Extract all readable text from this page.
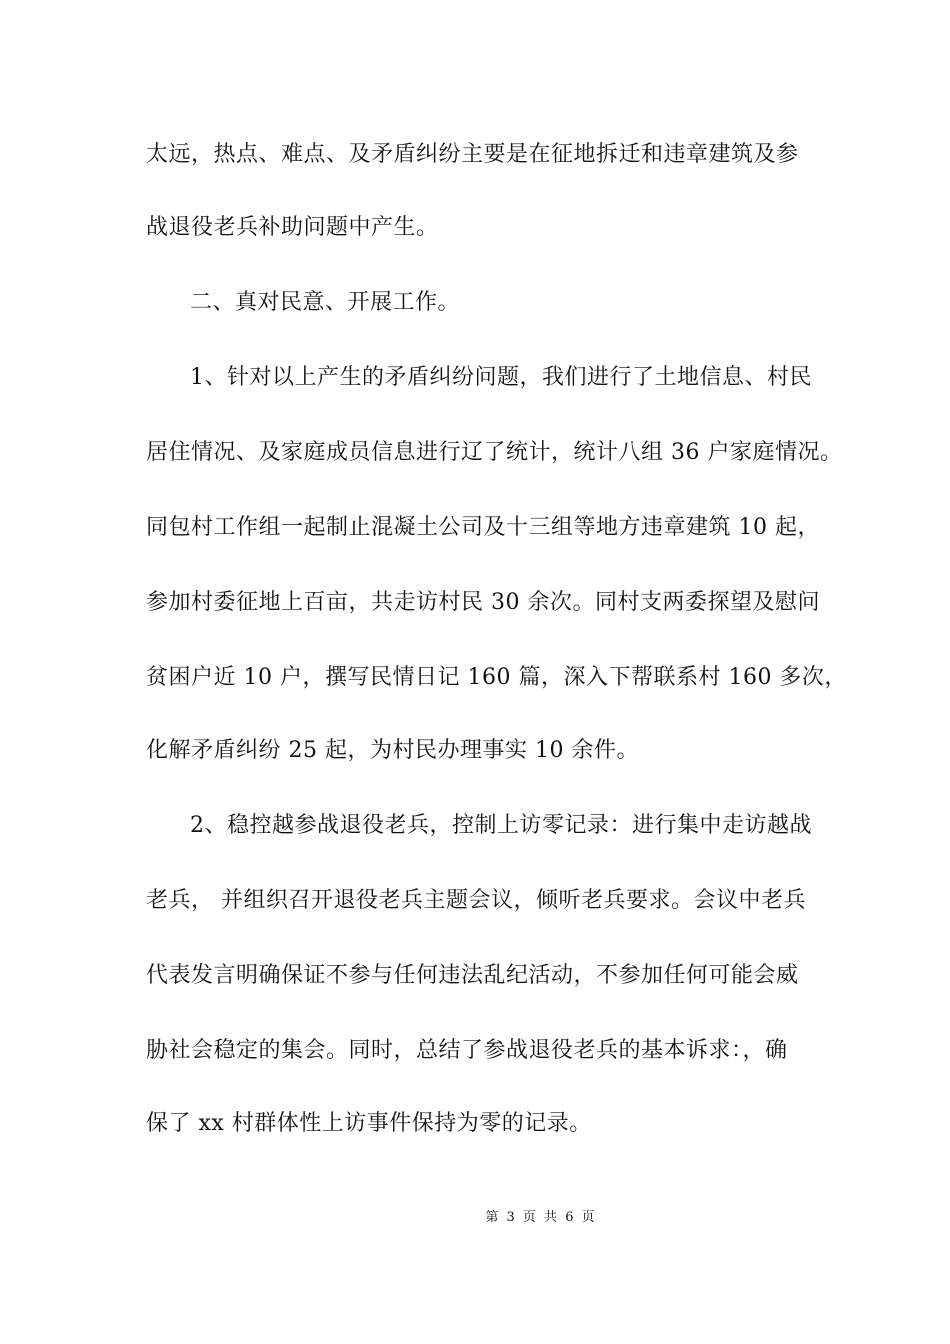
太远，热点、难点、及矛盾纠纷主要是在征地拆迁和违章建筑及参
战退役老兵补助问题中产生。
二、真对民意、开展工作。
1、针对以上产生的矛盾纠纷问题，我们进行了土地信息、村民
居住情况、及家庭成员信息进行辽了统计，统计八组 36 户家庭情况。
同包村工作组一起制止混凝土公司及十三组等地方违章建筑 10 起，
参加村委征地上百亩，共走访村民 30 余次。同村支两委探望及慰问
贫困户近 10 户，撰写民情日记 160 篇，深入下帮联系村 160 多次，
化解矛盾纠纷 25 起，为村民办理事实 10 余件。
2、稳控越参战退役老兵，控制上访零记录：进行集中走访越战
老兵， 并组织召开退役老兵主题会议，倾听老兵要求。会议中老兵
代表发言明确保证不参与任何违法乱纪活动，不参加任何可能会威
胁社会稳定的集会。同时，总结了参战退役老兵的基本诉求：，确
保了 xx 村群体性上访事件保持为零的记录。
第 3 页 共 6 页
